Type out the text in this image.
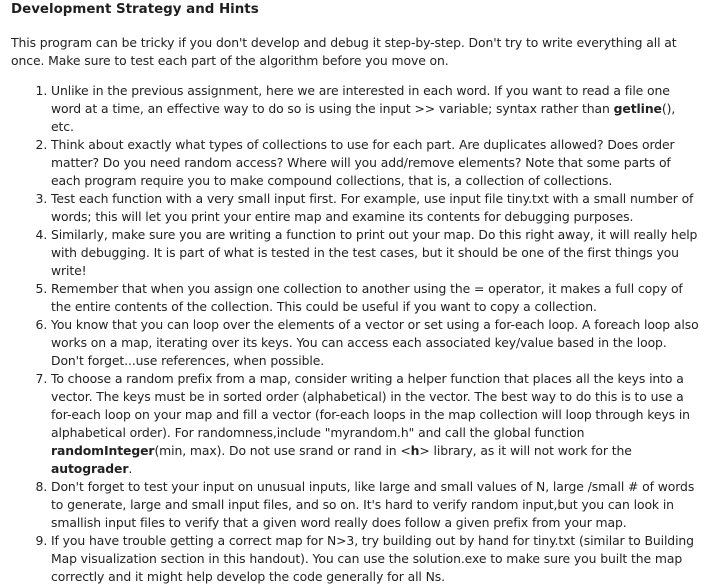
Development Strategy and Hints

This program can be tricky if you don't develop and debug it step-by-step. Don't try to write everything all at once. Make sure to test each part of the algorithm before you move on.

1. Unlike in the previous assignment, here we are interested in each word. If you want to read a file one word at a time, an effective way to do so is using the input >> variable; syntax rather than getline(), etc.
2. Think about exactly what types of collections to use for each part. Are duplicates allowed? Does order matter? Do you need random access? Where will you add/remove elements? Note that some parts of each program require you to make compound collections, that is, a collection of collections.
3. Test each function with a very small input first. For example, use input file tiny.txt with a small number of words; this will let you print your entire map and examine its contents for debugging purposes.
4. Similarly, make sure you are writing a function to print out your map. Do this right away, it will really help with debugging. It is part of what is tested in the test cases, but it should be one of the first things you write!
5. Remember that when you assign one collection to another using the = operator, it makes a full copy of the entire contents of the collection. This could be useful if you want to copy a collection.
6. You know that you can loop over the elements of a vector or set using a for-each loop. A foreach loop also works on a map, iterating over its keys. You can access each associated key/value based in the loop. Don't forget...use references, when possible.
7. To choose a random prefix from a map, consider writing a helper function that places all the keys into a vector. The keys must be in sorted order (alphabetical) in the vector. The best way to do this is to use a for-each loop on your map and fill a vector (for-each loops in the map collection will loop through keys in alphabetical order). For randomness,include "myrandom.h" and call the global function randomInteger(min, max). Do not use srand or rand in <h> library, as it will not work for the autograder.
8. Don't forget to test your input on unusual inputs, like large and small values of N, large /small # of words to generate, large and small input files, and so on. It's hard to verify random input,but you can look in smallish input files to verify that a given word really does follow a given prefix from your map.
9. If you have trouble getting a correct map for N>3, try building out by hand for tiny.txt (similar to Building Map visualization section in this handout). You can use the solution.exe to make sure you built the map correctly and it might help develop the code generally for all Ns.
